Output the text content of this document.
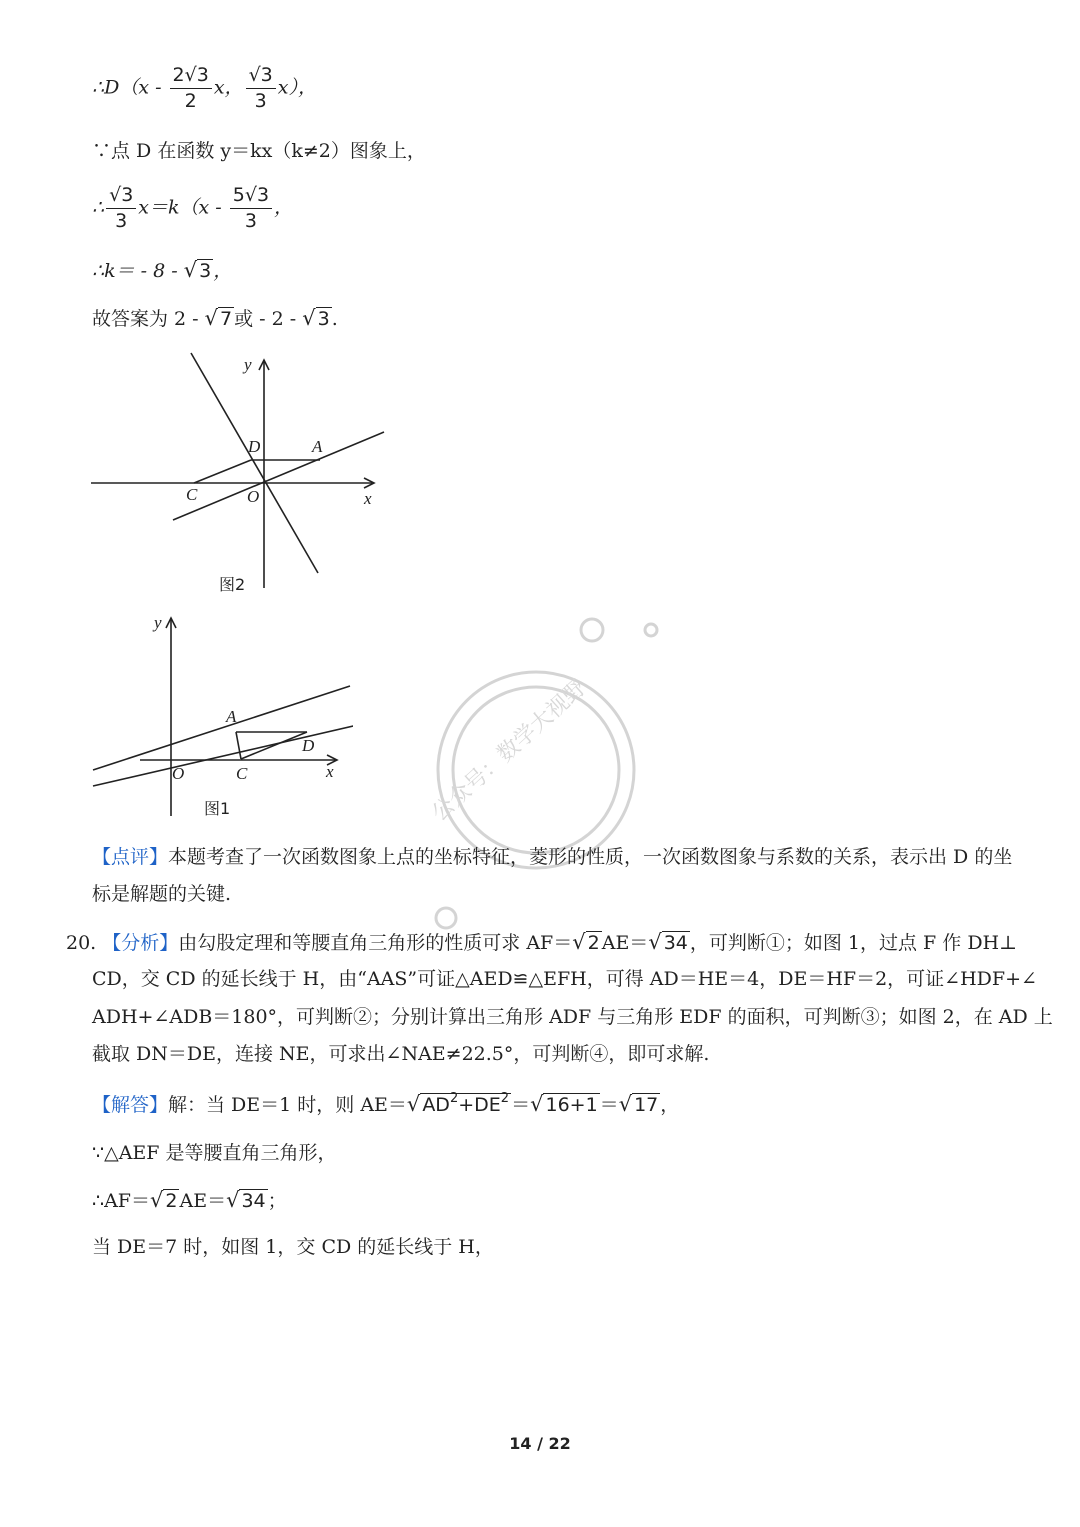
∴D（x - $\frac{2√3}{2}$ x， $\frac{√3}{3} x$），
∵点 D 在函数 y＝kx（k≠2）图象上，
∴ $\frac{√3}{3} x=k(x - \frac{5√3}{3}$ ，
∴k＝ - 8 - √ 3 ，
故答案为 2 - √ 7 或 - 2 - √ 3 .
y
D	A
C	O	x
图2
y
A
D
O	C	x
图1	公众号：数学大视野
【点评】本题考查了一次函数图象上点的坐标特征，菱形的性质，一次函数图象与系数的关系，表示出 D 的坐
标是解题的关键.
20. 【分析】由勾股定理和等腰直角三角形的性质可求 AF＝√ 2 AE＝√ 34 ，可判断①；如图 1，过点 F 作 DH⊥
CD，交 CD 的延长线于 H，由“AAS”可证△AED≌△EFH，可得 AD＝HE＝4，DE＝HF＝2，可证∠HDF+∠
ADH+∠ADB＝180°，可判断②；分别计算出三角形 ADF 与三角形 EDF 的面积，可判断③；如图 2，在 AD 上
截取 DN＝DE，连接 NE，可求出∠NAE≠22.5°，可判断④，即可求解.
【解答】解：当 DE＝1 时，则 AE＝√ $AD^2+DE^2$ ＝√ 16+1 ＝√ 17 ，
∵△AEF 是等腰直角三角形，
∴AF＝√ 2 AE＝√ 34 ；
当 DE＝7 时，如图 1，交 CD 的延长线于 H，
14 / 22
